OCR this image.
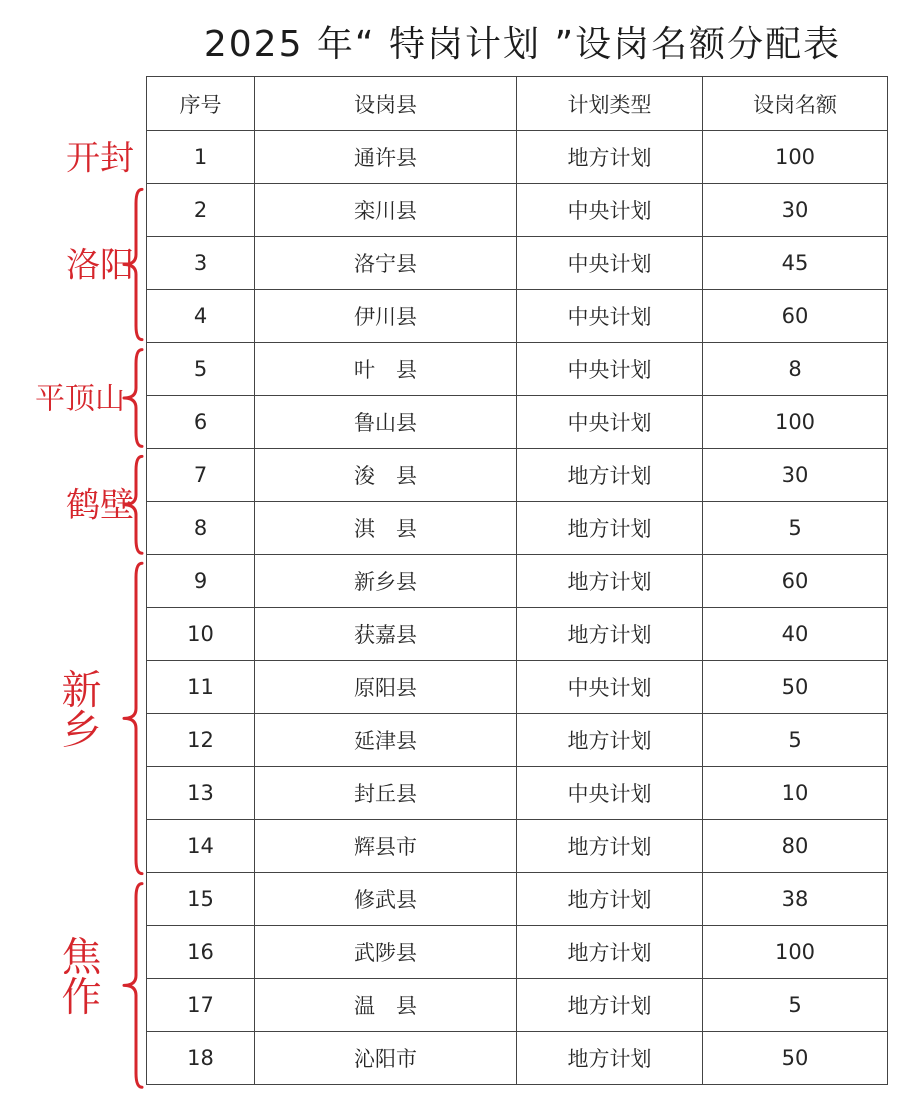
2025 年“ 特岗计划 ”设岗名额分配表
序号	设岗县	计划类型	设岗名额
1	通许县	地方计划	100
2	栾川县	中央计划	30
3	洛宁县	中央计划	45
4	伊川县	中央计划	60
5	叶　县	中央计划	8
6	鲁山县	中央计划	100
7	浚　县	地方计划	30
8	淇　县	地方计划	5
9	新乡县	地方计划	60
10	获嘉县	地方计划	40
11	原阳县	中央计划	50
12	延津县	地方计划	5
13	封丘县	中央计划	10
14	辉县市	地方计划	80
15	修武县	地方计划	38
16	武陟县	地方计划	100
17	温　县	地方计划	5
18	沁阳市	地方计划	50
开封
洛阳
平顶山
鹤壁
新乡
焦作
